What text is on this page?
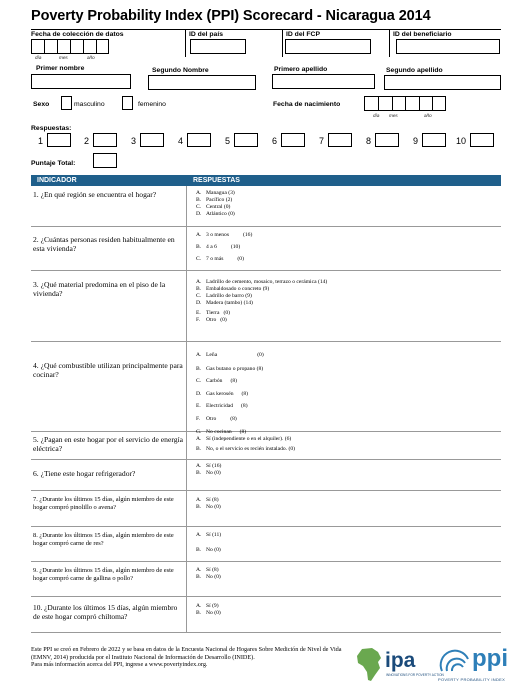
Poverty Probability Index (PPI) Scorecard - Nicaragua 2014
Fecha de colección de datos
día	mes	año
ID del país	ID del FCP	ID del beneficiario
Primer nombre	Segundo Nombre	Primero apellido	Segundo apellido
Sexo	masculino	femenino	Fecha de nacimiento
día mes	año
Respuestas:
1	2	3	4	5	6	7	8	9	10
Puntaje Total:
INDICADOR	RESPUESTAS
1. ¿En qué región se encuentra el hogar?	A. Managua (3)
B. Pacífico (2)
C. Central (0)
D. Atlántico (0)
2. ¿Cuántas personas residen habitualmente en esta vivienda?
A. 3 o menos	(16)
B. 4 a 6	(10)
C. 7 o más	(0)
3. ¿Qué material predomina en el piso de la vivienda?
A. Ladrillo de cemento, mosaico, terrazo o cerámica (14)
B. Embaldosado o concreto (9)
C. Ladrillo de barro (9)
D. Madera (tambo) (14)
E. Tierra (0)
F. Otro (0)
4. ¿Qué combustible utilizan principalmente para cocinar?
A. Leña	(0)
B. Gas butano o propano (8)
C. Carbón (8)
D. Gas kerosén (8)
E. Electricidad (8)
F. Otro	(8)
G. No cocinan (8)
5. ¿Pagan en este hogar por el servicio de energía eléctrica?
A. Sí (independiente o en el alquiler). (6)
B. No, o el servicio es recién instalado. (0)
6. ¿Tiene este hogar refrigerador?
A. Sí (16)
B. No (0)
7. ¿Durante los últimos 15 días, algún miembro de este hogar compró pinolillo o avena?
A. Sí (8)
B. No (0)
8. ¿Durante los últimos 15 días, algún miembro de este hogar compró carne de res?
A. Sí (11)
B. No (0)
9. ¿Durante los últimos 15 días, algún miembro de este hogar compró carne de gallina o pollo?
A. Sí (8)
B. No (0)
10. ¿Durante los últimos 15 días, algún miembro de este hogar compró chiltoma?
A. Sí (9)
B. No (0)
Este PPI se creó en Febrero de 2022 y se basa en datos de la Encuesta Nacional de Hogares Sobre Medición de Nivel de Vida
(EMNV, 2014) producida por el Instituto Nacional de Información de Desarrollo (INIDE).
Para más información acerca del PPI, ingrese a www.povertyindex.org.	ipa
INNOVATIONS FOR POVERTY ACTION
ppi
POVERTY PROBABILITY INDEX
